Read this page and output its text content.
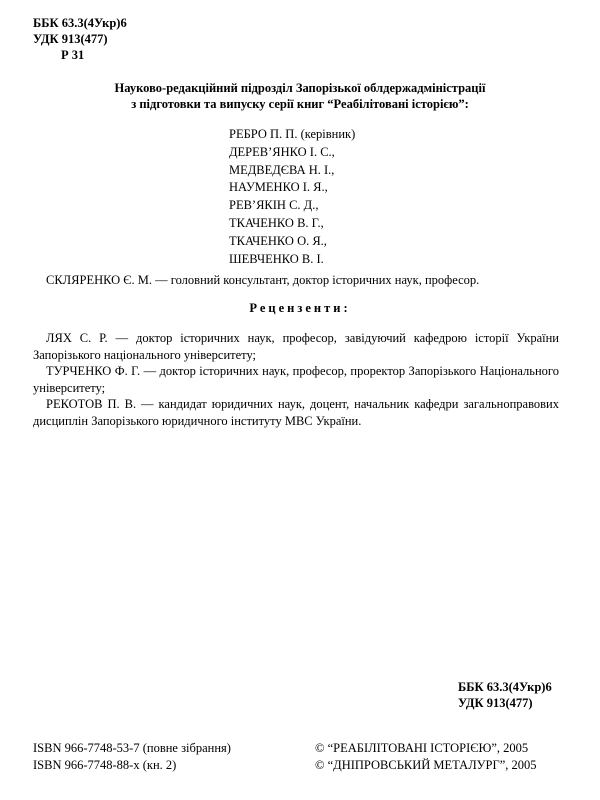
ББК 63.3(4Укр)6
УДК 913(477)
Р 31
Науково-редакційний підрозділ Запорізької облдержадміністрації
з підготовки та випуску серії книг “Реабілітовані історією”:
РЕБРО П. П. (керівник)
ДЕРЕВ’ЯНКО І. С.,
МЕДВЕДЄВА Н. І.,
НАУМЕНКО І. Я.,
РЕВ’ЯКІН С. Д.,
ТКАЧЕНКО В. Г.,
ТКАЧЕНКО О. Я.,
ШЕВЧЕНКО В. І.
СКЛЯРЕНКО Є. М. — головний консультант, доктор історичних наук, професор.
Рецензенти:

ЛЯХ С. Р. — доктор історичних наук, професор, завідуючий кафедрою історії України Запорізького національного університету;

ТУРЧЕНКО Ф. Г. — доктор історичних наук, професор, проректор Запорізького Національного університету;

РЕКОТОВ П. В. — кандидат юридичних наук, доцент, начальник кафедри загальноправових дисциплін Запорізького юридичного інституту МВС України.

ББК 63.3(4Укр)6
УДК 913(477)
ISBN 966-7748-53-7 (повне зібрання)
ISBN 966-7748-88-х (кн. 2)
© “РЕАБІЛІТОВАНІ ІСТОРІЄЮ”, 2005
© “ДНІПРОВСЬКИЙ МЕТАЛУРГ”, 2005
